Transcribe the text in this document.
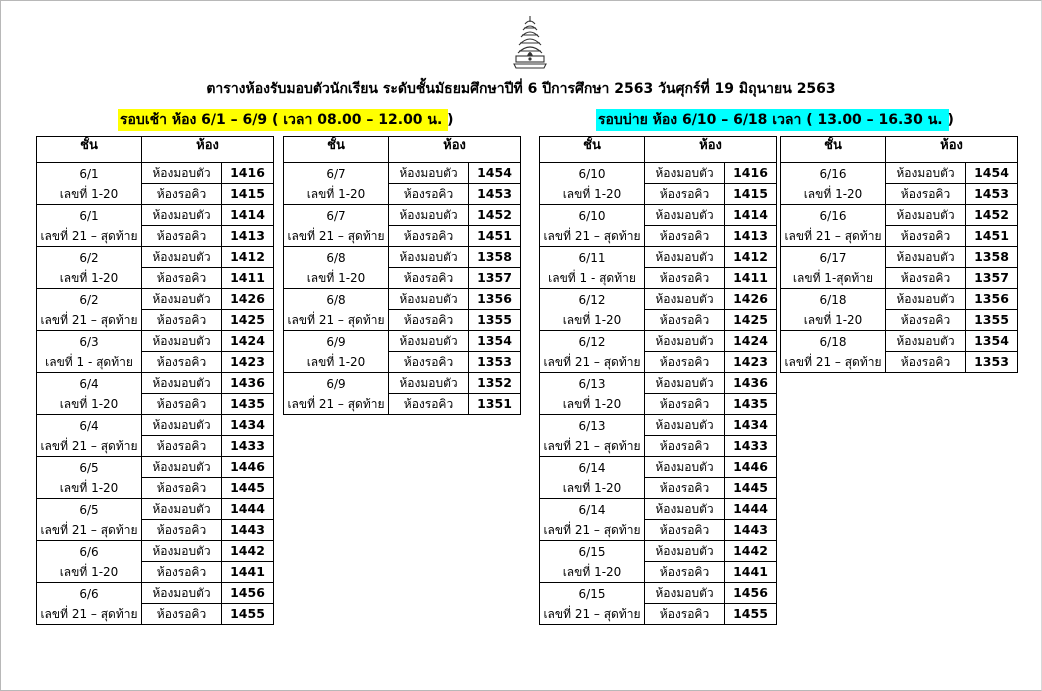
ตารางห้องรับมอบตัวนักเรียน ระดับชั้นมัธยมศึกษาปีที่ 6 ปีการศึกษา 2563 วันศุกร์ที่ 19 มิถุนายน 2563
รอบเช้า ห้อง 6/1 – 6/9 ( เวลา 08.00 – 12.00 น. )	รอบบ่าย ห้อง 6/10 – 6/18 เวลา ( 13.00 – 16.30 น. )
ชั้น	ห้อง	

6/1
เลขที่ 1-20	ห้องมอบตัว	1416
	ห้องรอคิว	1415

6/1
เลขที่ 21 – สุดท้าย	ห้องมอบตัว	1414
	ห้องรอคิว	1413

6/2
เลขที่ 1-20	ห้องมอบตัว	1412
	ห้องรอคิว	1411

6/2
เลขที่ 21 – สุดท้าย	ห้องมอบตัว	1426
	ห้องรอคิว	1425

6/3
เลขที่ 1 - สุดท้าย	ห้องมอบตัว	1424
	ห้องรอคิว	1423

6/4
เลขที่ 1-20	ห้องมอบตัว	1436
	ห้องรอคิว	1435

6/4
เลขที่ 21 – สุดท้าย	ห้องมอบตัว	1434
	ห้องรอคิว	1433

6/5
เลขที่ 1-20	ห้องมอบตัว	1446
	ห้องรอคิว	1445

6/5
เลขที่ 21 – สุดท้าย	ห้องมอบตัว	1444
	ห้องรอคิว	1443

6/6
เลขที่ 1-20	ห้องมอบตัว	1442
	ห้องรอคิว	1441

6/6
เลขที่ 21 – สุดท้าย	ห้องมอบตัว	1456
	ห้องรอคิว	1455
ชั้น	ห้อง	

6/7
เลขที่ 1-20	ห้องมอบตัว	1454
	ห้องรอคิว	1453

6/7
เลขที่ 21 – สุดท้าย	ห้องมอบตัว	1452
	ห้องรอคิว	1451

6/8
เลขที่ 1-20	ห้องมอบตัว	1358
	ห้องรอคิว	1357

6/8
เลขที่ 21 – สุดท้าย	ห้องมอบตัว	1356
	ห้องรอคิว	1355

6/9
เลขที่ 1-20	ห้องมอบตัว	1354
	ห้องรอคิว	1353

6/9
เลขที่ 21 – สุดท้าย	ห้องมอบตัว	1352
	ห้องรอคิว	1351
ชั้น	ห้อง	

6/10
เลขที่ 1-20	ห้องมอบตัว	1416
	ห้องรอคิว	1415

6/10
เลขที่ 21 – สุดท้าย	ห้องมอบตัว	1414
	ห้องรอคิว	1413

6/11
เลขที่ 1 - สุดท้าย	ห้องมอบตัว	1412
	ห้องรอคิว	1411

6/12
เลขที่ 1-20	ห้องมอบตัว	1426
	ห้องรอคิว	1425

6/12
เลขที่ 21 – สุดท้าย	ห้องมอบตัว	1424
	ห้องรอคิว	1423

6/13
เลขที่ 1-20	ห้องมอบตัว	1436
	ห้องรอคิว	1435

6/13
เลขที่ 21 – สุดท้าย	ห้องมอบตัว	1434
	ห้องรอคิว	1433

6/14
เลขที่ 1-20	ห้องมอบตัว	1446
	ห้องรอคิว	1445

6/14
เลขที่ 21 – สุดท้าย	ห้องมอบตัว	1444
	ห้องรอคิว	1443

6/15
เลขที่ 1-20	ห้องมอบตัว	1442
	ห้องรอคิว	1441

6/15
เลขที่ 21 – สุดท้าย	ห้องมอบตัว	1456
	ห้องรอคิว	1455
ชั้น	ห้อง	

6/16
เลขที่ 1-20	ห้องมอบตัว	1454
	ห้องรอคิว	1453

6/16
เลขที่ 21 – สุดท้าย	ห้องมอบตัว	1452
	ห้องรอคิว	1451

6/17
เลขที่ 1-สุดท้าย	ห้องมอบตัว	1358
	ห้องรอคิว	1357

6/18
เลขที่ 1-20	ห้องมอบตัว	1356
	ห้องรอคิว	1355

6/18
เลขที่ 21 – สุดท้าย	ห้องมอบตัว	1354
	ห้องรอคิว	1353
